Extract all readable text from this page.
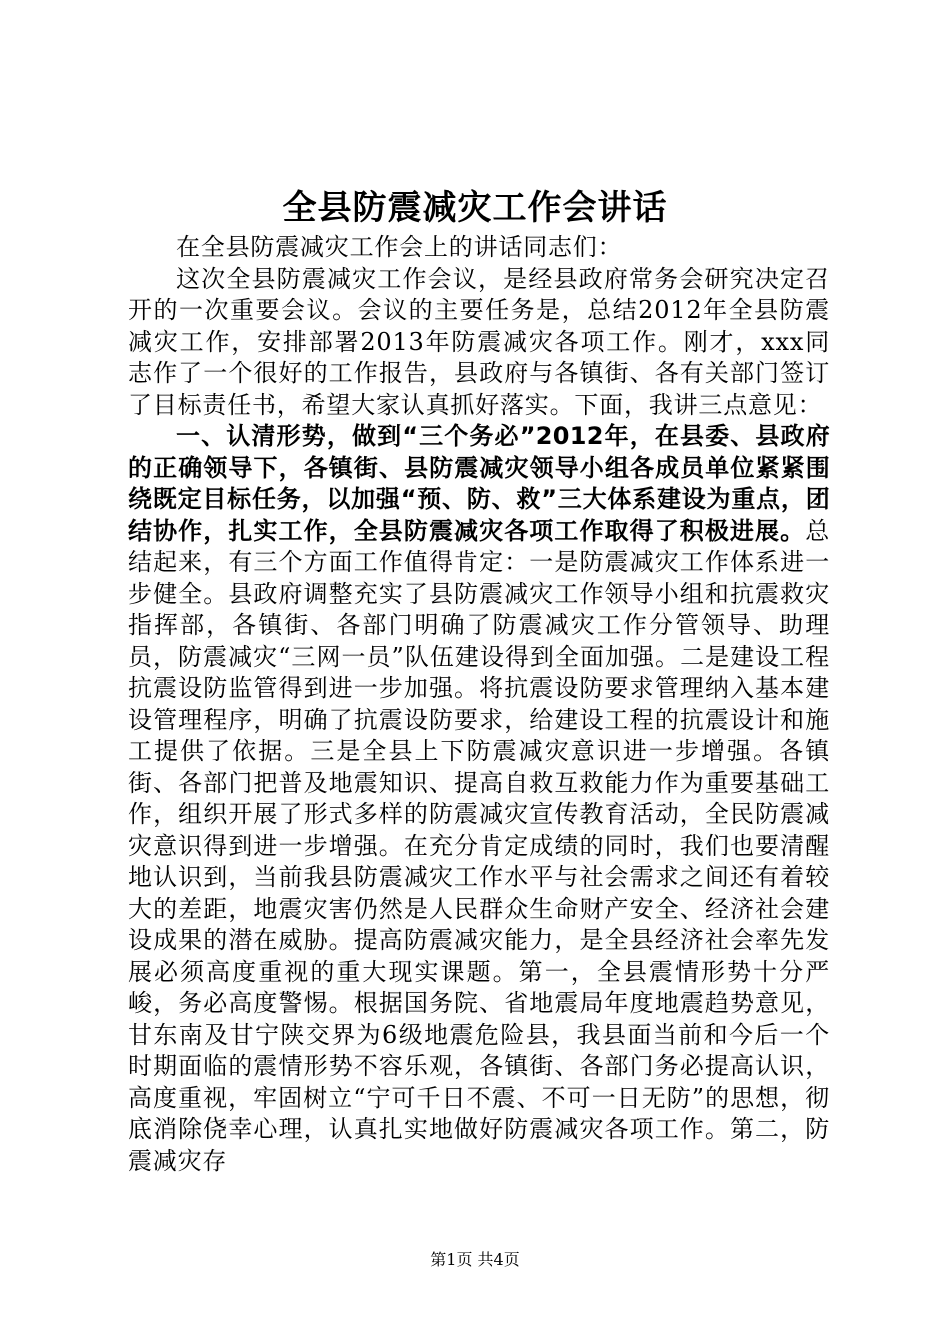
全县防震减灾工作会讲话

在全县防震减灾工作会上的讲话同志们：

这次全县防震减灾工作会议，是经县政府常务会研究决定召开的一次重要会议。会议的主要任务是，总结2012年全县防震减灾工作，安排部署2013年防震减灾各项工作。刚才，xxx同志作了一个很好的工作报告，县政府与各镇街、各有关部门签订了目标责任书，希望大家认真抓好落实。下面，我讲三点意见：

一、认清形势，做到“三个务必”2012年，在县委、县政府的正确领导下，各镇街、县防震减灾领导小组各成员单位紧紧围绕既定目标任务，以加强“预、防、救”三大体系建设为重点，团结协作，扎实工作，全县防震减灾各项工作取得了积极进展。总结起来，有三个方面工作值得肯定：一是防震减灾工作体系进一步健全。县政府调整充实了县防震减灾工作领导小组和抗震救灾指挥部，各镇街、各部门明确了防震减灾工作分管领导、助理员，防震减灾“三网一员”队伍建设得到全面加强。二是建设工程抗震设防监管得到进一步加强。将抗震设防要求管理纳入基本建设管理程序，明确了抗震设防要求，给建设工程的抗震设计和施工提供了依据。三是全县上下防震减灾意识进一步增强。各镇街、各部门把普及地震知识、提高自救互救能力作为重要基础工作，组织开展了形式多样的防震减灾宣传教育活动，全民防震减灾意识得到进一步增强。在充分肯定成绩的同时，我们也要清醒地认识到，当前我县防震减灾工作水平与社会需求之间还有着较大的差距，地震灾害仍然是人民群众生命财产安全、经济社会建设成果的潜在威胁。提高防震减灾能力，是全县经济社会率先发展必须高度重视的重大现实课题。第一，全县震情形势十分严峻，务必高度警惕。根据国务院、省地震局年度地震趋势意见，甘东南及甘宁陕交界为6级地震危险县，我县面当前和今后一个时期面临的震情形势不容乐观，各镇街、各部门务必提高认识，高度重视，牢固树立“宁可千日不震、不可一日无防”的思想，彻底消除侥幸心理，认真扎实地做好防震减灾各项工作。第二，防震减灾存

第1页 共4页
